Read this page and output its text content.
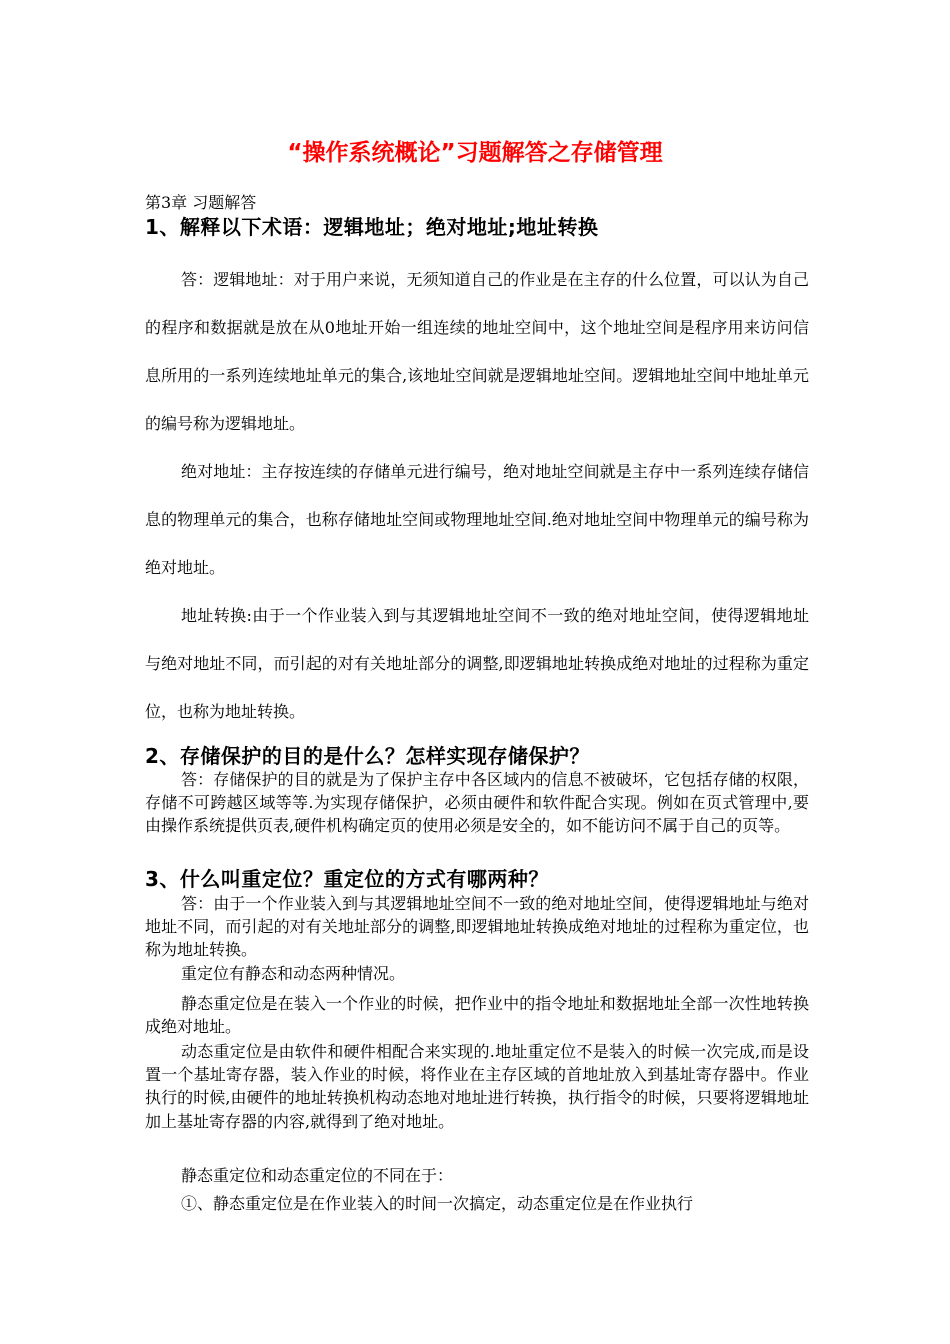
“操作系统概论”习题解答之存储管理
第3章 习题解答
1、解释以下术语：逻辑地址；绝对地址;地址转换

答：逻辑地址：对于用户来说，无须知道自己的作业是在主存的什么位置，可以认为自己的程序和数据就是放在从0地址开始一组连续的地址空间中，这个地址空间是程序用来访问信息所用的一系列连续地址单元的集合,该地址空间就是逻辑地址空间。逻辑地址空间中地址单元的编号称为逻辑地址。

绝对地址：主存按连续的存储单元进行编号，绝对地址空间就是主存中一系列连续存储信息的物理单元的集合，也称存储地址空间或物理地址空间.绝对地址空间中物理单元的编号称为绝对地址。

地址转换:由于一个作业装入到与其逻辑地址空间不一致的绝对地址空间，使得逻辑地址与绝对地址不同，而引起的对有关地址部分的调整,即逻辑地址转换成绝对地址的过程称为重定位，也称为地址转换。

2、存储保护的目的是什么？怎样实现存储保护？

答：存储保护的目的就是为了保护主存中各区域内的信息不被破坏，它包括存储的权限，存储不可跨越区域等等.为实现存储保护，必须由硬件和软件配合实现。例如在页式管理中,要由操作系统提供页表,硬件机构确定页的使用必须是安全的，如不能访问不属于自己的页等。

3、什么叫重定位？重定位的方式有哪两种？

答：由于一个作业装入到与其逻辑地址空间不一致的绝对地址空间，使得逻辑地址与绝对地址不同，而引起的对有关地址部分的调整,即逻辑地址转换成绝对地址的过程称为重定位，也称为地址转换。

重定位有静态和动态两种情况。

静态重定位是在装入一个作业的时候，把作业中的指令地址和数据地址全部一次性地转换成绝对地址。

动态重定位是由软件和硬件相配合来实现的.地址重定位不是装入的时候一次完成,而是设置一个基址寄存器，装入作业的时候，将作业在主存区域的首地址放入到基址寄存器中。作业执行的时候,由硬件的地址转换机构动态地对地址进行转换，执行指令的时候，只要将逻辑地址加上基址寄存器的内容,就得到了绝对地址。

静态重定位和动态重定位的不同在于：

①、静态重定位是在作业装入的时间一次搞定，动态重定位是在作业执行
